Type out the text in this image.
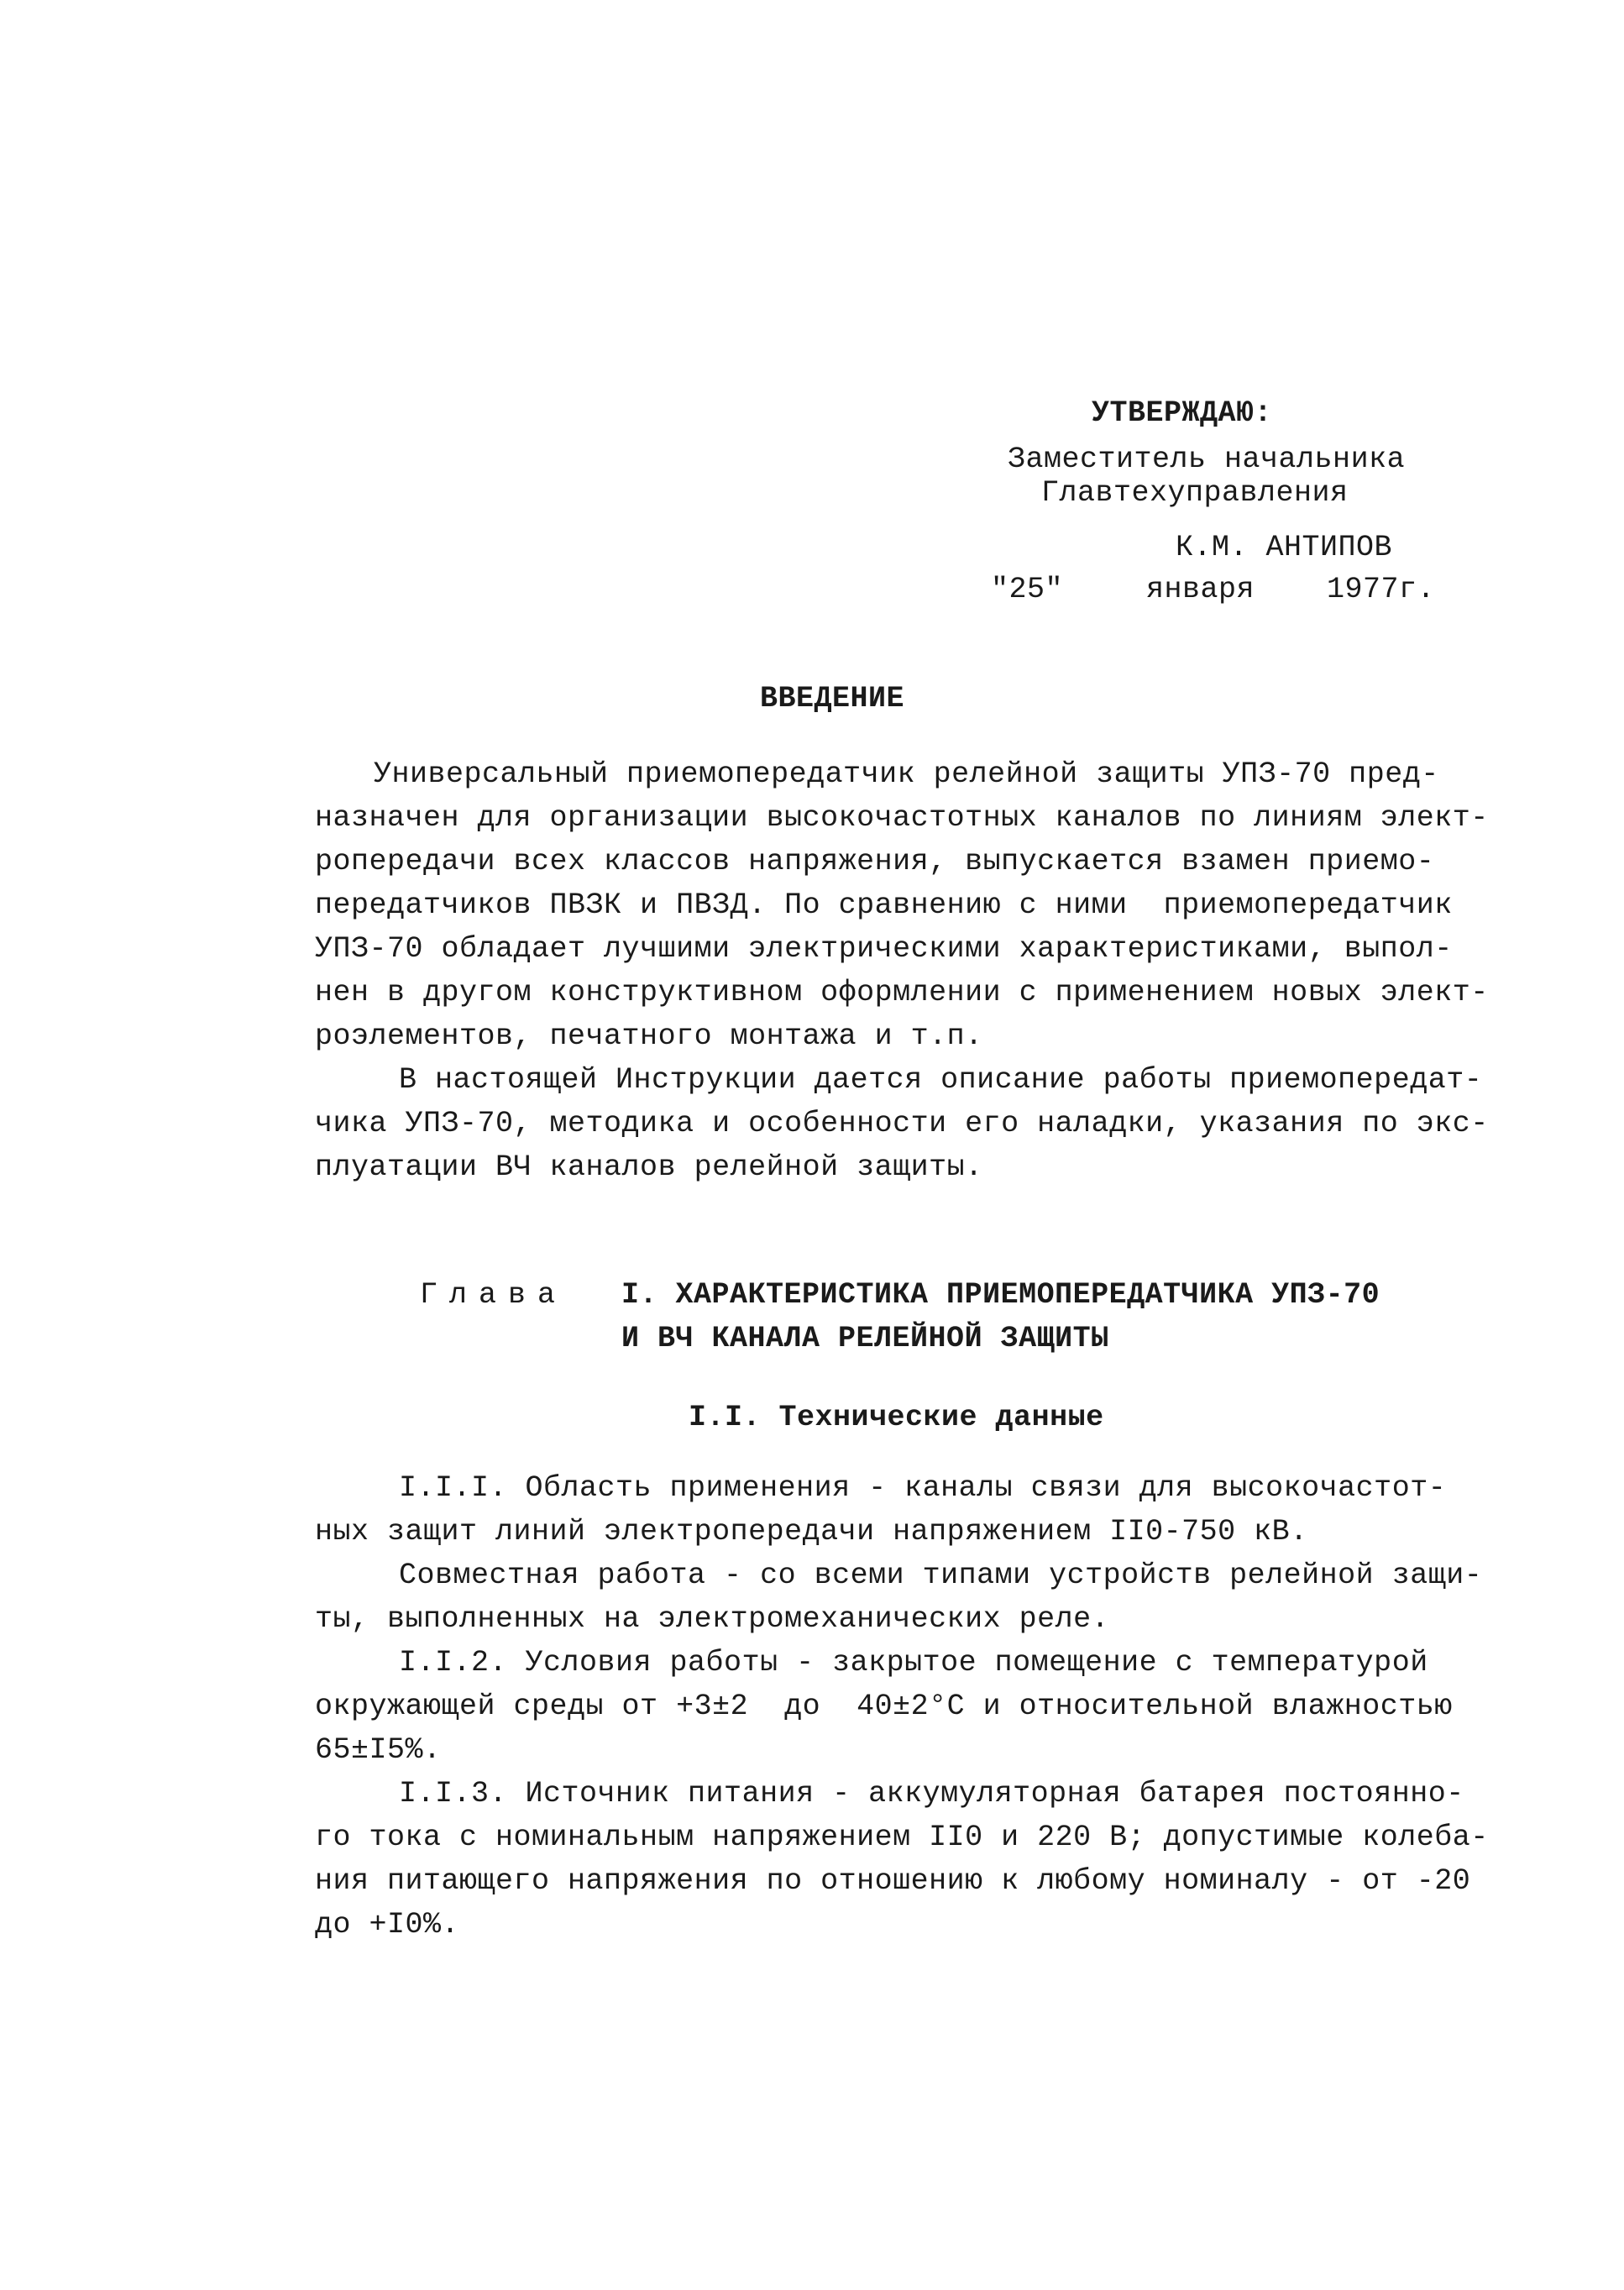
УТВЕРЖДАЮ:
Заместитель начальника
Главтехуправления
К.М. АНТИПОВ
"25"	января 1977г.
ВВЕДЕНИЕ
Универсальный приемопередатчик релейной защиты УПЗ-70 пред-
назначен для организации высокочастотных каналов по линиям элект-
ропередачи всех классов напряжения, выпускается взамен приемо-
передатчиков ПВЗК и ПВЗД. По сравнению с ними  приемопередатчик
УПЗ-70 обладает лучшими электрическими характеристиками, выпол-
нен в другом конструктивном оформлении с применением новых элект-
роэлементов, печатного монтажа и т.п.
В настоящей Инструкции дается описание работы приемопередат-
чика УПЗ-70, методика и особенности его наладки, указания по экс-
плуатации ВЧ каналов релейной защиты.
Глава I. ХАРАКТЕРИСТИКА ПРИЕМОПЕРЕДАТЧИКА УПЗ-70
И ВЧ КАНАЛА РЕЛЕЙНОЙ ЗАЩИТЫ
I.I. Технические данные
I.I.I. Область применения - каналы связи для высокочастот-
ных защит линий электропередачи напряжением II0-750 кВ.
Совместная работа - со всеми типами устройств релейной защи-
ты, выполненных на электромеханических реле.
I.I.2. Условия работы - закрытое помещение с температурой
окружающей среды от +3±2  до  40±2°С и относительной влажностью
65±I5%.
I.I.3. Источник питания - аккумуляторная батарея постоянно-
го тока с номинальным напряжением II0 и 220 В; допустимые колеба-
ния питающего напряжения по отношению к любому номиналу - от -20
до +I0%.
